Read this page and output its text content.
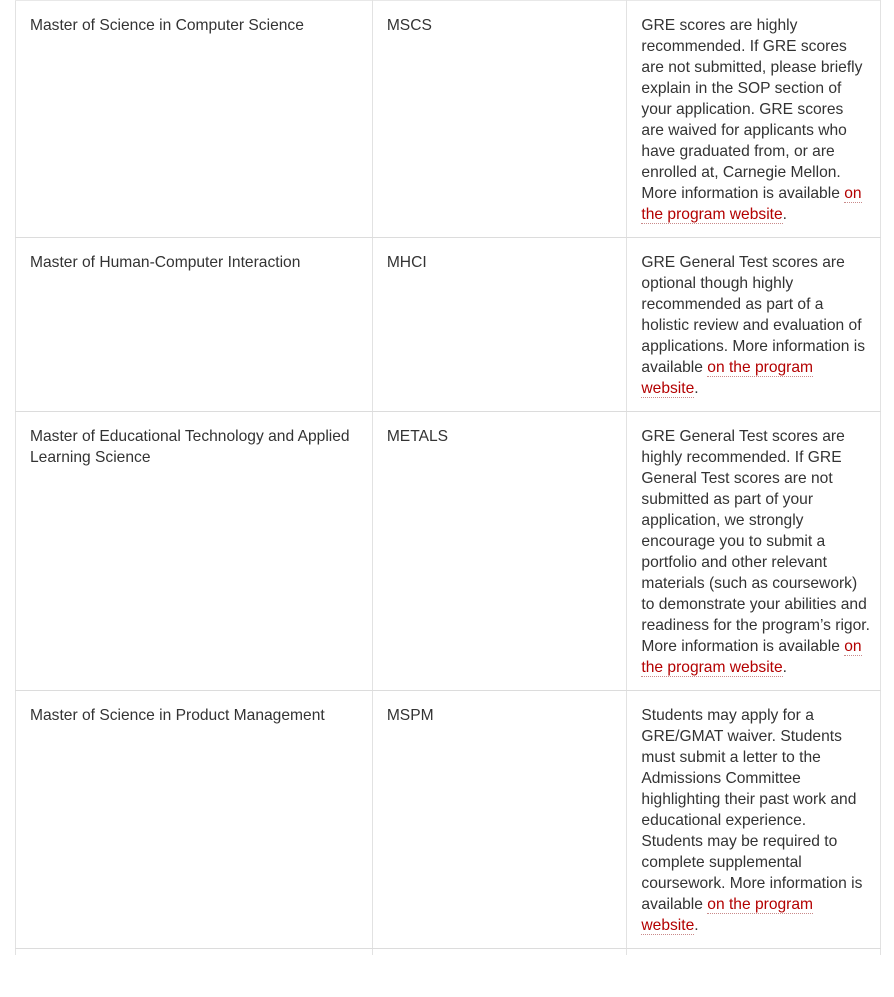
Master of Science in Computer Science	MSCS	GRE scores are highly recommended. If GRE scores are not submitted, please briefly explain in the SOP section of your application. GRE scores are waived for applicants who have graduated from, or are enrolled at, Carnegie Mellon. More information is available on the program website.
Master of Human-Computer Interaction	MHCI	GRE General Test scores are optional though highly recommended as part of a holistic review and evaluation of applications. More information is available on the program website.
Master of Educational Technology and Applied Learning Science	METALS	GRE General Test scores are highly recommended. If GRE General Test scores are not submitted as part of your application, we strongly encourage you to submit a portfolio and other relevant materials (such as coursework) to demonstrate your abilities and readiness for the program’s rigor. More information is available on the program website.
Master of Science in Product Management	MSPM	Students may apply for a GRE/GMAT waiver. Students must submit a letter to the Admissions Committee highlighting their past work and educational experience. Students may be required to complete supplemental coursework. More information is available on the program website.
